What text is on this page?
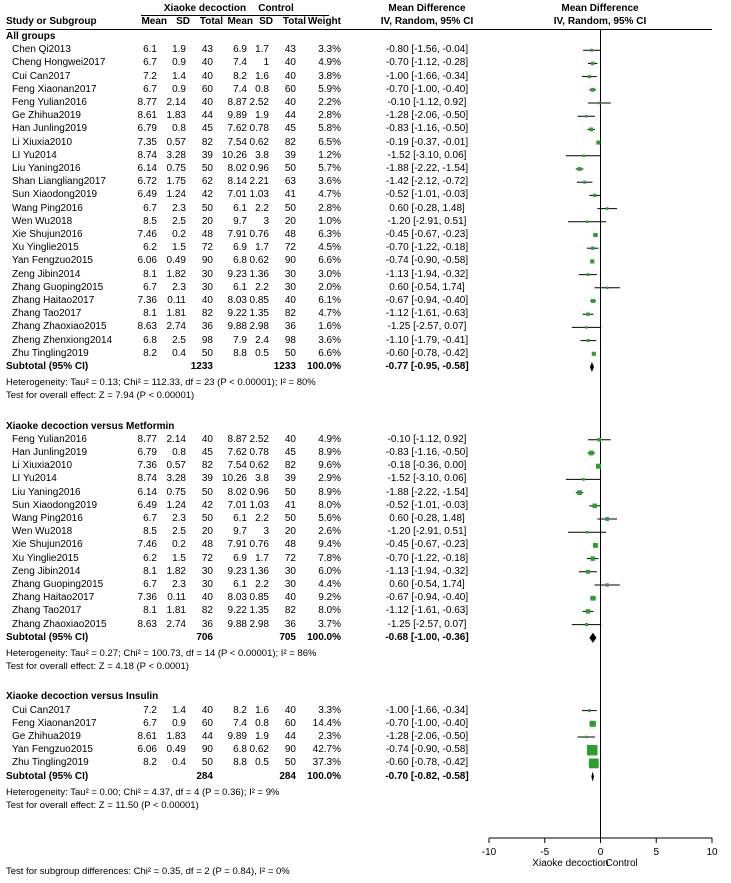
Xiaoke decoction	Control	Mean Difference	Mean Difference
Study or Subgroup	Mean SD Total Mean SD Total Weight	IV, Random, 95% CI	IV, Random, 95% CI
All groups
Chen Qi2013	6.1	1.9	43	6.9 1.7	43	3.3%	-0.80 [-1.56, -0.04]
Cheng Hongwei2017	6.7	0.9	40	7.4	1	40	4.9%	-0.70 [-1.12, -0.28]
Cui Can2017	7.2	1.4	40	8.2 1.6	40	3.8%	-1.00 [-1.66, -0.34]
Feng Xiaonan2017	6.7	0.9	60	7.4 0.8	60	5.9%	-0.70 [-1.00, -0.40]
Feng Yulian2016	8.77 2.14	40	8.87 2.52	40	2.2%	-0.10 [-1.12, 0.92]
Ge Zhihua2019	8.61 1.83	44	9.89 1.9	44	2.8%	-1.28 [-2.06, -0.50]
Han Junling2019	6.79	0.8	45	7.62 0.78	45	5.8%	-0.83 [-1.16, -0.50]
Li Xiuxia2010	7.35 0.57	82	7.54 0.62	82	6.5%	-0.19 [-0.37, -0.01]
LI Yu2014	8.74 3.28	39 10.26 3.8	39	1.2%	-1.52 [-3.10, 0.06]
Liu Yaning2016	6.14 0.75	50	8.02 0.96	50	5.7%	-1.88 [-2.22, -1.54]
Shan Liangliang2017	6.72 1.75	62	8.14 2.21	63	3.6%	-1.42 [-2.12, -0.72]
Sun Xiaodong2019	6.49 1.24	42	7.01 1.03	41	4.7%	-0.52 [-1.01, -0.03]
Wang Ping2016	6.7	2.3	50	6.1 2.2	50	2.8%	0.60 [-0.28, 1.48]
Wen Wu2018	8.5	2.5	20	9.7	3	20	1.0%	-1.20 [-2.91, 0.51]
Xie Shujun2016	7.46	0.2	48	7.91 0.76	48	6.3%	-0.45 [-0.67, -0.23]
Xu Yinglie2015	6.2	1.5	72	6.9 1.7	72	4.5%	-0.70 [-1.22, -0.18]
Yan Fengzuo2015	6.06 0.49	90	6.8 0.62	90	6.6%	-0.74 [-0.90, -0.58]
Zeng Jibin2014	8.1 1.82	30	9.23 1.36	30	3.0%	-1.13 [-1.94, -0.32]
Zhang Guoping2015	6.7	2.3	30	6.1 2.2	30	2.0%	0.60 [-0.54, 1.74]
Zhang Haitao2017	7.36	0.11	40	8.03 0.85	40	6.1%	-0.67 [-0.94, -0.40]
Zhang Tao2017	8.1 1.81	82	9.22 1.35	82	4.7%	-1.12 [-1.61, -0.63]
Zhang Zhaoxiao2015	8.63 2.74	36	9.88 2.98	36	1.6%	-1.25 [-2.57, 0.07]
Zheng Zhenxiong2014	6.8	2.5	98	7.9 2.4	98	3.6%	-1.10 [-1.79, -0.41]
Zhu Tingling2019	8.2	0.4	50	8.8 0.5	50	6.6%	-0.60 [-0.78, -0.42]
Subtotal (95% CI)	1233	1233	100.0%	-0.77 [-0.95, -0.58]
Heterogeneity: Tau² = 0.13; Chi² = 112.33, df = 23 (P < 0.00001); I² = 80%
Test for overall effect: Z = 7.94 (P < 0.00001)
Xiaoke decoction versus Metformin
Feng Yulian2016	8.77 2.14	40	8.87 2.52	40	4.9%	-0.10 [-1.12, 0.92]
Han Junling2019	6.79	0.8	45	7.62 0.78	45	8.9%	-0.83 [-1.16, -0.50]
Li Xiuxia2010	7.36 0.57	82	7.54 0.62	82	9.6%	-0.18 [-0.36, 0.00]
LI Yu2014	8.74 3.28	39 10.26 3.8	39	2.9%	-1.52 [-3.10, 0.06]
Liu Yaning2016	6.14 0.75	50	8.02 0.96	50	8.9%	-1.88 [-2.22, -1.54]
Sun Xiaodong2019	6.49 1.24	42	7.01 1.03	41	8.0%	-0.52 [-1.01, -0.03]
Wang Ping2016	6.7	2.3	50	6.1 2.2	50	5.6%	0.60 [-0.28, 1.48]
Wen Wu2018	8.5	2.5	20	9.7	3	20	2.6%	-1.20 [-2.91, 0.51]
Xie Shujun2016	7.46	0.2	48	7.91 0.76	48	9.4%	-0.45 [-0.67, -0.23]
Xu Yinglie2015	6.2	1.5	72	6.9 1.7	72	7.8%	-0.70 [-1.22, -0.18]
Zeng Jibin2014	8.1 1.82	30	9.23 1.36	30	6.0%	-1.13 [-1.94, -0.32]
Zhang Guoping2015	6.7	2.3	30	6.1 2.2	30	4.4%	0.60 [-0.54, 1.74]
Zhang Haitao2017	7.36	0.11	40	8.03 0.85	40	9.2%	-0.67 [-0.94, -0.40]
Zhang Tao2017	8.1 1.81	82	9.22 1.35	82	8.0%	-1.12 [-1.61, -0.63]
Zhang Zhaoxiao2015	8.63 2.74	36	9.88 2.98	36	3.7%	-1.25 [-2.57, 0.07]
Subtotal (95% CI)	706	705	100.0%	-0.68 [-1.00, -0.36]
Heterogeneity: Tau² = 0.27; Chi² = 100.73, df = 14 (P < 0.00001); I² = 86%
Test for overall effect: Z = 4.18 (P < 0.0001)
Xiaoke decoction versus Insulin
Cui Can2017	7.2	1.4	40	8.2 1.6	40	3.3%	-1.00 [-1.66, -0.34]
Feng Xiaonan2017	6.7	0.9	60	7.4 0.8	60	14.4%	-0.70 [-1.00, -0.40]
Ge Zhihua2019	8.61 1.83	44	9.89 1.9	44	2.3%	-1.28 [-2.06, -0.50]
Yan Fengzuo2015	6.06 0.49	90	6.8 0.62	90	42.7%	-0.74 [-0.90, -0.58]
Zhu Tingling2019	8.2	0.4	50	8.8 0.5	50	37.3%	-0.60 [-0.78, -0.42]
Subtotal (95% CI)	284	284	100.0%	-0.70 [-0.82, -0.58]
Heterogeneity: Tau² = 0.00; Chi² = 4.37, df = 4 (P = 0.36); I² = 9%
Test for overall effect: Z = 11.50 (P < 0.00001)
Test for subgroup differences: Chi² = 0.35, df = 2 (P = 0.84), I² = 0%
-10	-5	0	5	10
Xiaoke decoction
Control
